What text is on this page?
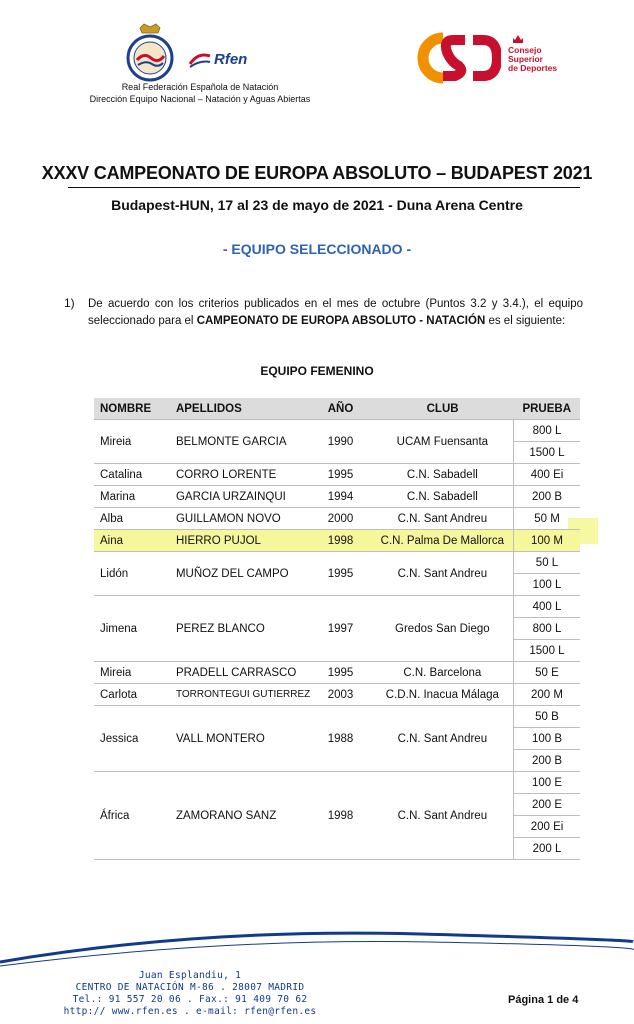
Rfen
Consejo
Superior
de Deportes
Real Federación Española de Natación
Dirección Equipo Nacional – Natación y Aguas Abiertas
XXXV CAMPEONATO DE EUROPA ABSOLUTO – BUDAPEST 2021
Budapest-HUN, 17 al 23 de mayo de 2021 - Duna Arena Centre
- EQUIPO SELECCIONADO -
1) De acuerdo con los criterios publicados en el mes de octubre (Puntos 3.2 y 3.4.), el equipo seleccionado para el CAMPEONATO DE EUROPA ABSOLUTO - NATACIÓN es el siguiente:
EQUIPO FEMENINO
NOMBRE	APELLIDOS	AÑO	CLUB	PRUEBA
Mireia	BELMONTE GARCIA	1990	UCAM Fuensanta	800 L
				1500 L
Catalina	CORRO LORENTE	1995	C.N. Sabadell	400 Ei
Marina	GARCIA URZAINQUI	1994	C.N. Sabadell	200 B
Alba	GUILLAMON NOVO	2000	C.N. Sant Andreu	50 M
Aina	HIERRO PUJOL	1998	C.N. Palma De Mallorca	100 M
Lidón	MUÑOZ DEL CAMPO	1995	C.N. Sant Andreu	50 L
				100 L
Jimena	PEREZ BLANCO	1997	Gredos San Diego	400 L
				800 L
				1500 L
Mireia	PRADELL CARRASCO	1995	C.N. Barcelona	50 E
Carlota	TORRONTEGUI GUTIERREZ	2003	C.D.N. Inacua Málaga	200 M
Jessica	VALL MONTERO	1988	C.N. Sant Andreu	50 B
				100 B
				200 B
África	ZAMORANO SANZ	1998	C.N. Sant Andreu	100 E
				200 E
				200 Ei
				200 L
Juan Esplandiu, 1
CENTRO DE NATACIÓN M-86 . 28007 MADRID
Tel.: 91 557 20 06 . Fax.: 91 409 70 62
http:// www.rfen.es . e-mail: rfen@rfen.es
Página 1 de 4
